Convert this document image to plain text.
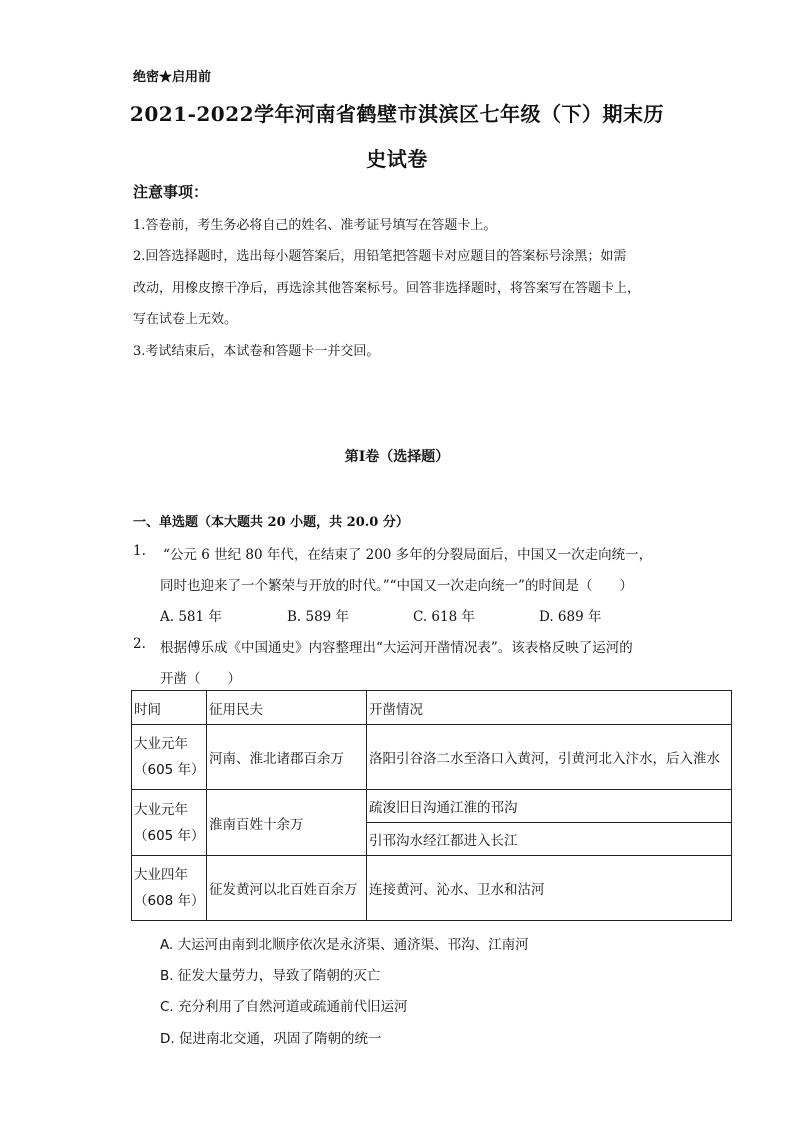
绝密★启用前
2021-2022学年河南省鹤壁市淇滨区七年级（下）期末历
史试卷
注意事项：
1.答卷前，考生务必将自己的姓名、准考证号填写在答题卡上。
2.回答选择题时，选出每小题答案后，用铅笔把答题卡对应题目的答案标号涂黑；如需
改动，用橡皮擦干净后，再选涂其他答案标号。回答非选择题时，将答案写在答题卡上，
写在试卷上无效。
3.考试结束后，本试卷和答题卡一并交回。
第Ⅰ卷（选择题）
一、单选题（本大题共 20 小题，共 20.0 分）
1. “公元 6 世纪 80 年代，在结束了 200 多年的分裂局面后，中国又一次走向统一，
同时也迎来了一个繁荣与开放的时代。”“中国又一次走向统一”的时间是（　　）
A. 581 年	B. 589 年	C. 618 年	D. 689 年
2. 根据傅乐成《中国通史》内容整理出“大运河开凿情况表”。该表格反映了运河的
开凿（　　）
时间	征用民夫	开凿情况

大业元年
（605 年）	河南、淮北诸郡百余万	洛阳引谷洛二水至洛口入黄河，引黄河北入汴水，后入淮水

大业元年
（605 年）	淮南百姓十余万	疏浚旧日沟通江淮的邗沟
		引邗沟水经江都进入长江

大业四年
（608 年）	征发黄河以北百姓百余万	连接黄河、沁水、卫水和沽河
A. 大运河由南到北顺序依次是永济渠、通济渠、邗沟、江南河
B. 征发大量劳力，导致了隋朝的灭亡
C. 充分利用了自然河道或疏通前代旧运河
D. 促进南北交通，巩固了隋朝的统一
